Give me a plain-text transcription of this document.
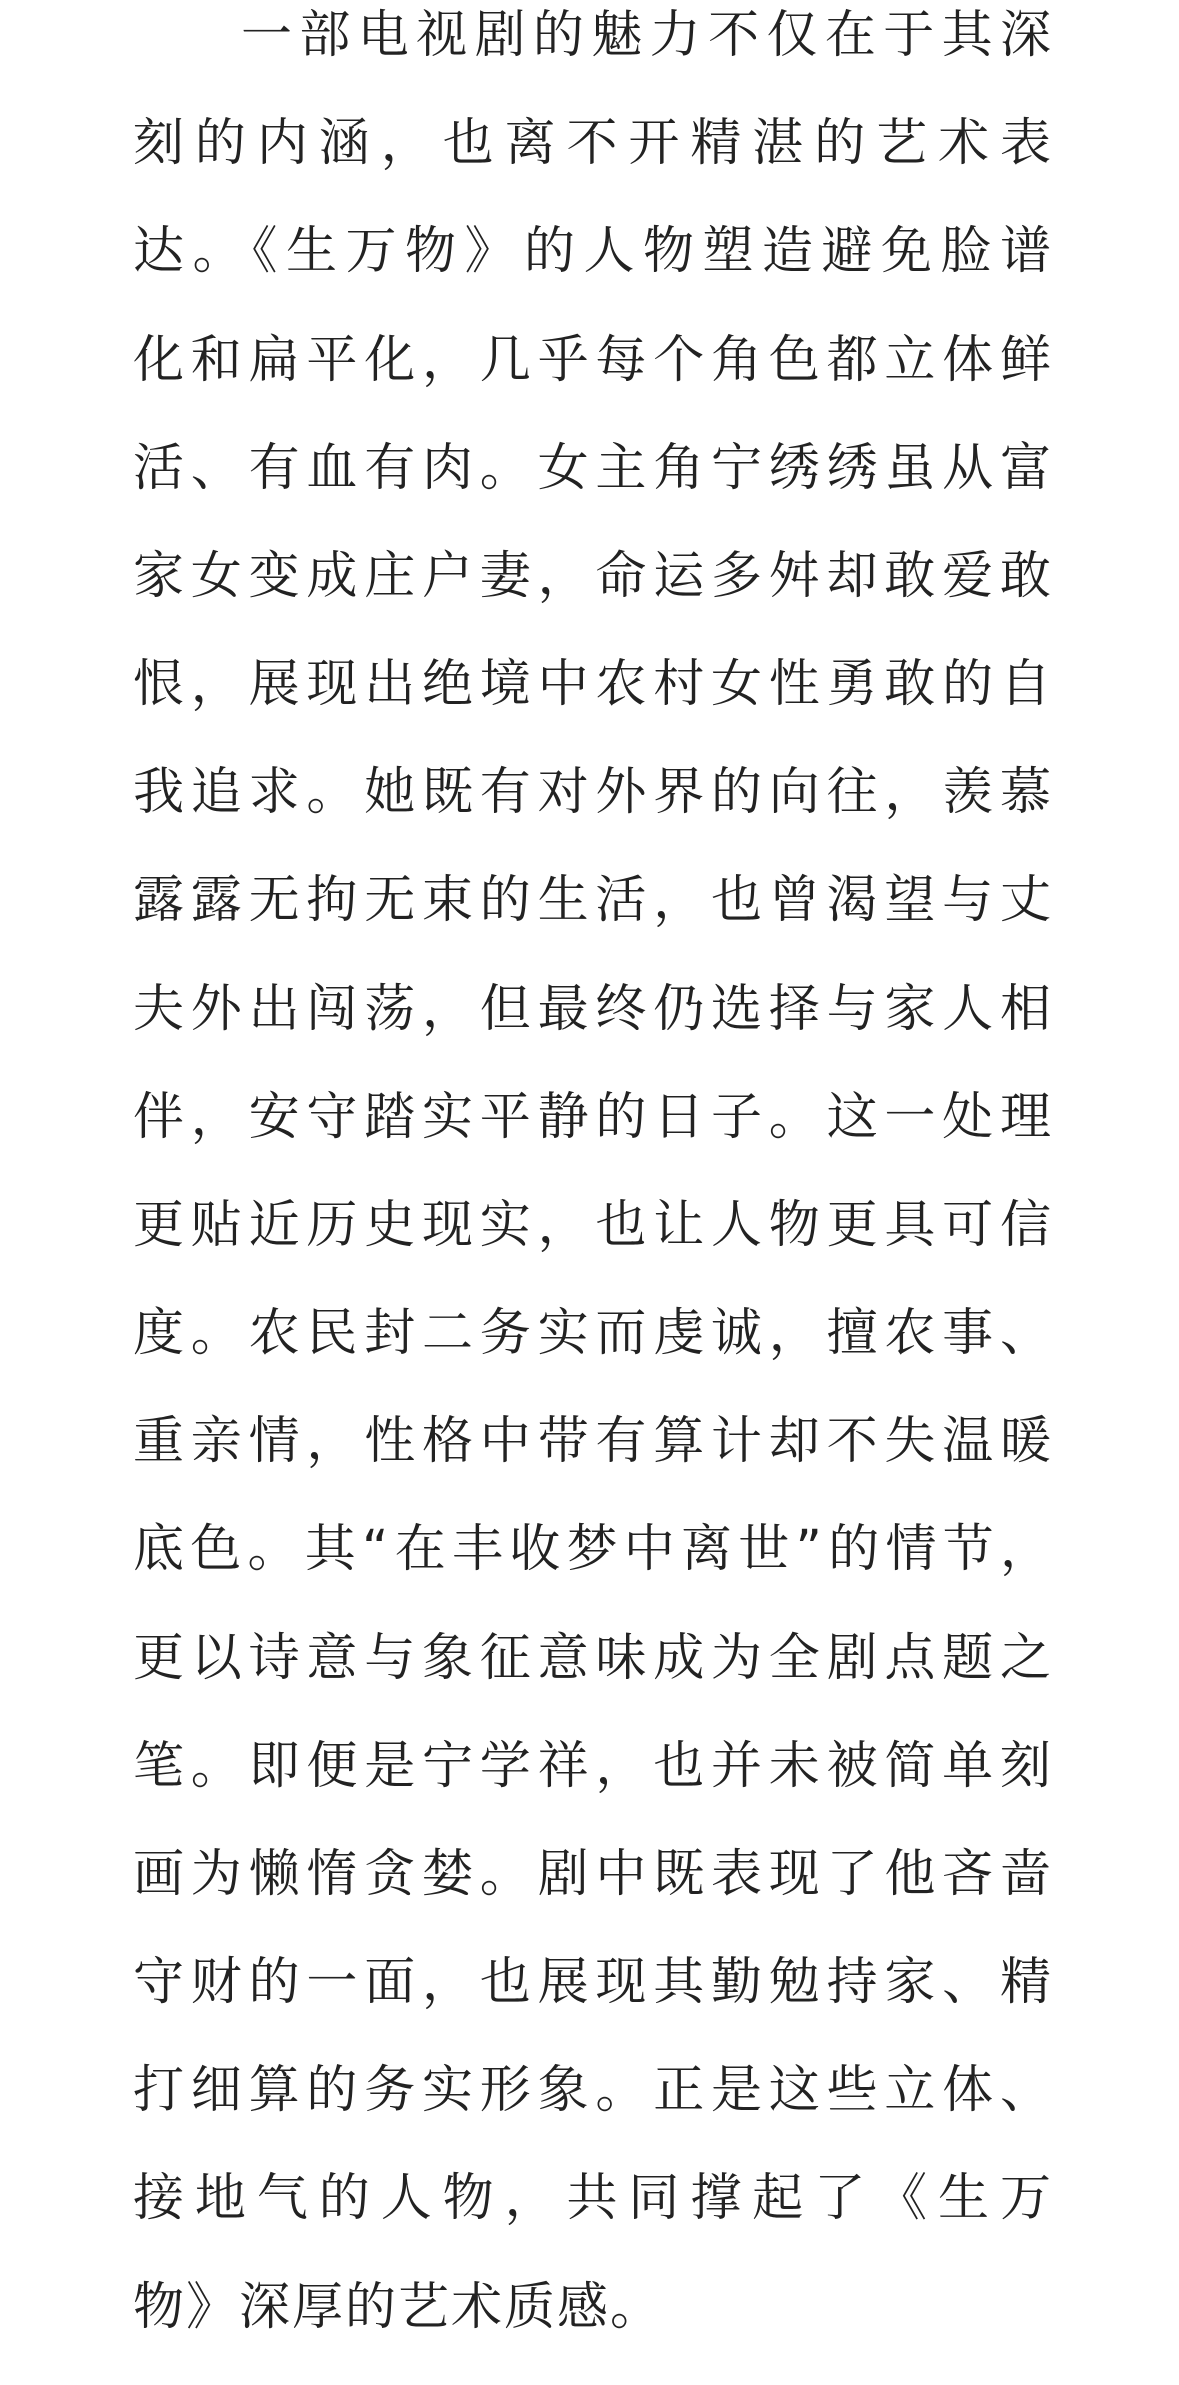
一部电视剧的魅力不仅在于其深
刻的内涵，也离不开精湛的艺术表
达。《生万物》的人物塑造避免脸谱
化和扁平化，几乎每个角色都立体鲜
活、有血有肉。女主角宁绣绣虽从富
家女变成庄户妻，命运多舛却敢爱敢
恨，展现出绝境中农村女性勇敢的自
我追求。她既有对外界的向往，羡慕
露露无拘无束的生活，也曾渴望与丈
夫外出闯荡，但最终仍选择与家人相
伴，安守踏实平静的日子。这一处理
更贴近历史现实，也让人物更具可信
度。农民封二务实而虔诚，擅农事、
重亲情，性格中带有算计却不失温暖
底色。其“在丰收梦中离世”的情节，
更以诗意与象征意味成为全剧点题之
笔。即便是宁学祥，也并未被简单刻
画为懒惰贪婪。剧中既表现了他吝啬
守财的一面，也展现其勤勉持家、精
打细算的务实形象。正是这些立体、
接地气的人物，共同撑起了《生万
物》深厚的艺术质感。
